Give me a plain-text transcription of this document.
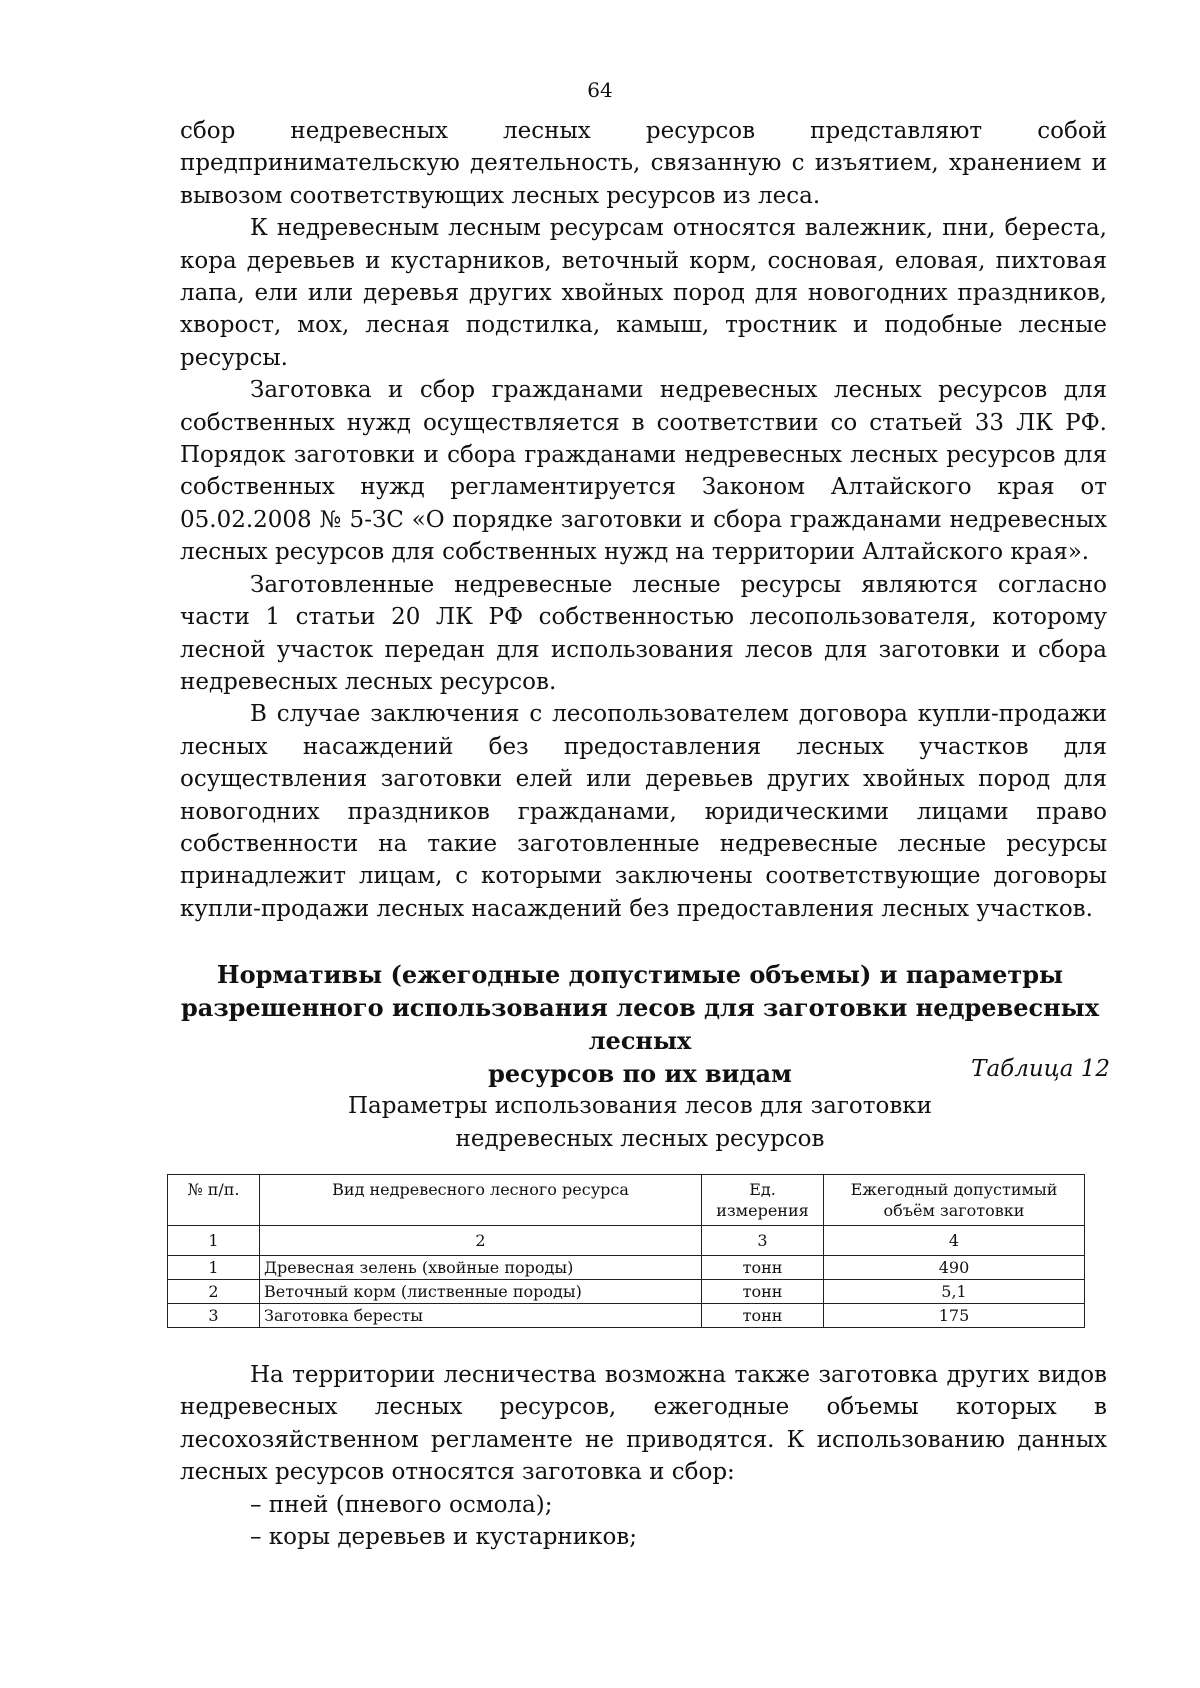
64

сбор недревесных лесных ресурсов представляют собой предпринимательскую деятельность, связанную с изъятием, хранением и вывозом соответствующих лесных ресурсов из леса.

К недревесным лесным ресурсам относятся валежник, пни, береста, кора деревьев и кустарников, веточный корм, сосновая, еловая, пихтовая лапа, ели или деревья других хвойных пород для новогодних праздников, хворост, мох, лесная подстилка, камыш, тростник и подобные лесные ресурсы.

Заготовка и сбор гражданами недревесных лесных ресурсов для собственных нужд осуществляется в соответствии со статьей 33 ЛК РФ. Порядок заготовки и сбора гражданами недревесных лесных ресурсов для собственных нужд регламентируется Законом Алтайского края от 05.02.2008 № 5-ЗС «О порядке заготовки и сбора гражданами недревесных лесных ресурсов для собственных нужд на территории Алтайского края».

Заготовленные недревесные лесные ресурсы являются согласно части 1 статьи 20 ЛК РФ собственностью лесопользователя, которому лесной участок передан для использования лесов для заготовки и сбора недревесных лесных ресурсов.

В случае заключения с лесопользователем договора купли-продажи лесных насаждений без предоставления лесных участков для осуществления заготовки елей или деревьев других хвойных пород для новогодних праздников гражданами, юридическими лицами право собственности на такие заготовленные недревесные лесные ресурсы принадлежит лицам, с которыми заключены соответствующие договоры купли-продажи лесных насаждений без предоставления лесных участков.

Нормативы (ежегодные допустимые объемы) и параметры
разрешенного использования лесов для заготовки недревесных лесных
ресурсов по их видам	Таблица 12
Параметры использования лесов для заготовки
недревесных лесных ресурсов
№ п/п.	Вид недревесного лесного ресурса	Ед. измерения	Ежегодный допустимый объём заготовки
1	2	3	4
1	Древесная зелень (хвойные породы)	тонн	490
2	Веточный корм (лиственные породы)	тонн	5,1
3	Заготовка бересты	тонн	175

На территории лесничества возможна также заготовка других видов недревесных лесных ресурсов, ежегодные объемы которых в лесохозяйственном регламенте не приводятся. К использованию данных лесных ресурсов относятся заготовка и сбор:

– пней (пневого осмола);

– коры деревьев и кустарников;
